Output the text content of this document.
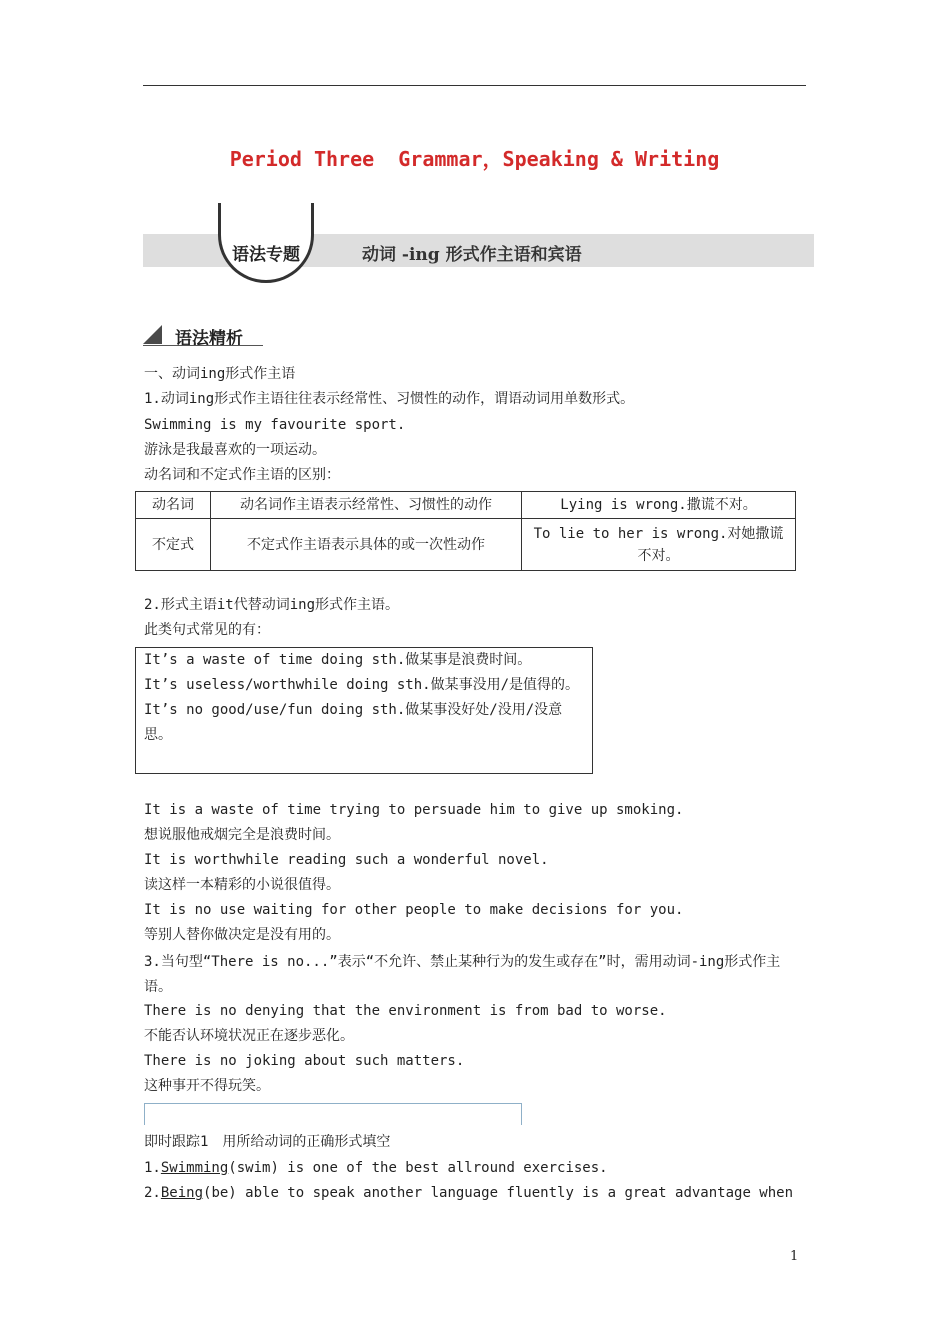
Period Three  Grammar，Speaking & Writing
语法专题	动词 -ing 形式作主语和宾语
语法精析
一、动词ing形式作主语
1.动词ing形式作主语往往表示经常性、习惯性的动作，谓语动词用单数形式。
Swimming is my favourite sport.
游泳是我最喜欢的一项运动。
动名词和不定式作主语的区别：
动名词	动名词作主语表示经常性、习惯性的动作	Lying is wrong.撒谎不对。
不定式	不定式作主语表示具体的或一次性动作	To lie to her is wrong.对她撒谎不对。
2.形式主语it代替动词ing形式作主语。
此类句式常见的有：
It’s a waste of time doing sth.做某事是浪费时间。
It’s useless/worthwhile doing sth.做某事没用/是值得的。
It’s no good/use/fun doing sth.做某事没好处/没用/没意思。
It is a waste of time trying to persuade him to give up smoking.
想说服他戒烟完全是浪费时间。
It is worthwhile reading such a wonderful novel.
读这样一本精彩的小说很值得。
It is no use waiting for other people to make decisions for you.
等别人替你做决定是没有用的。
3.当句型“There is no...”表示“不允许、禁止某种行为的发生或存在”时，需用动词-ing形式作主语。
There is no denying that the environment is from bad to worse.
不能否认环境状况正在逐步恶化。
There is no joking about such matters.
这种事开不得玩笑。
即时跟踪1　用所给动词的正确形式填空
1.Swimming(swim) is one of the best allround exercises.
2.Being(be) able to speak another language fluently is a great advantage when
1
